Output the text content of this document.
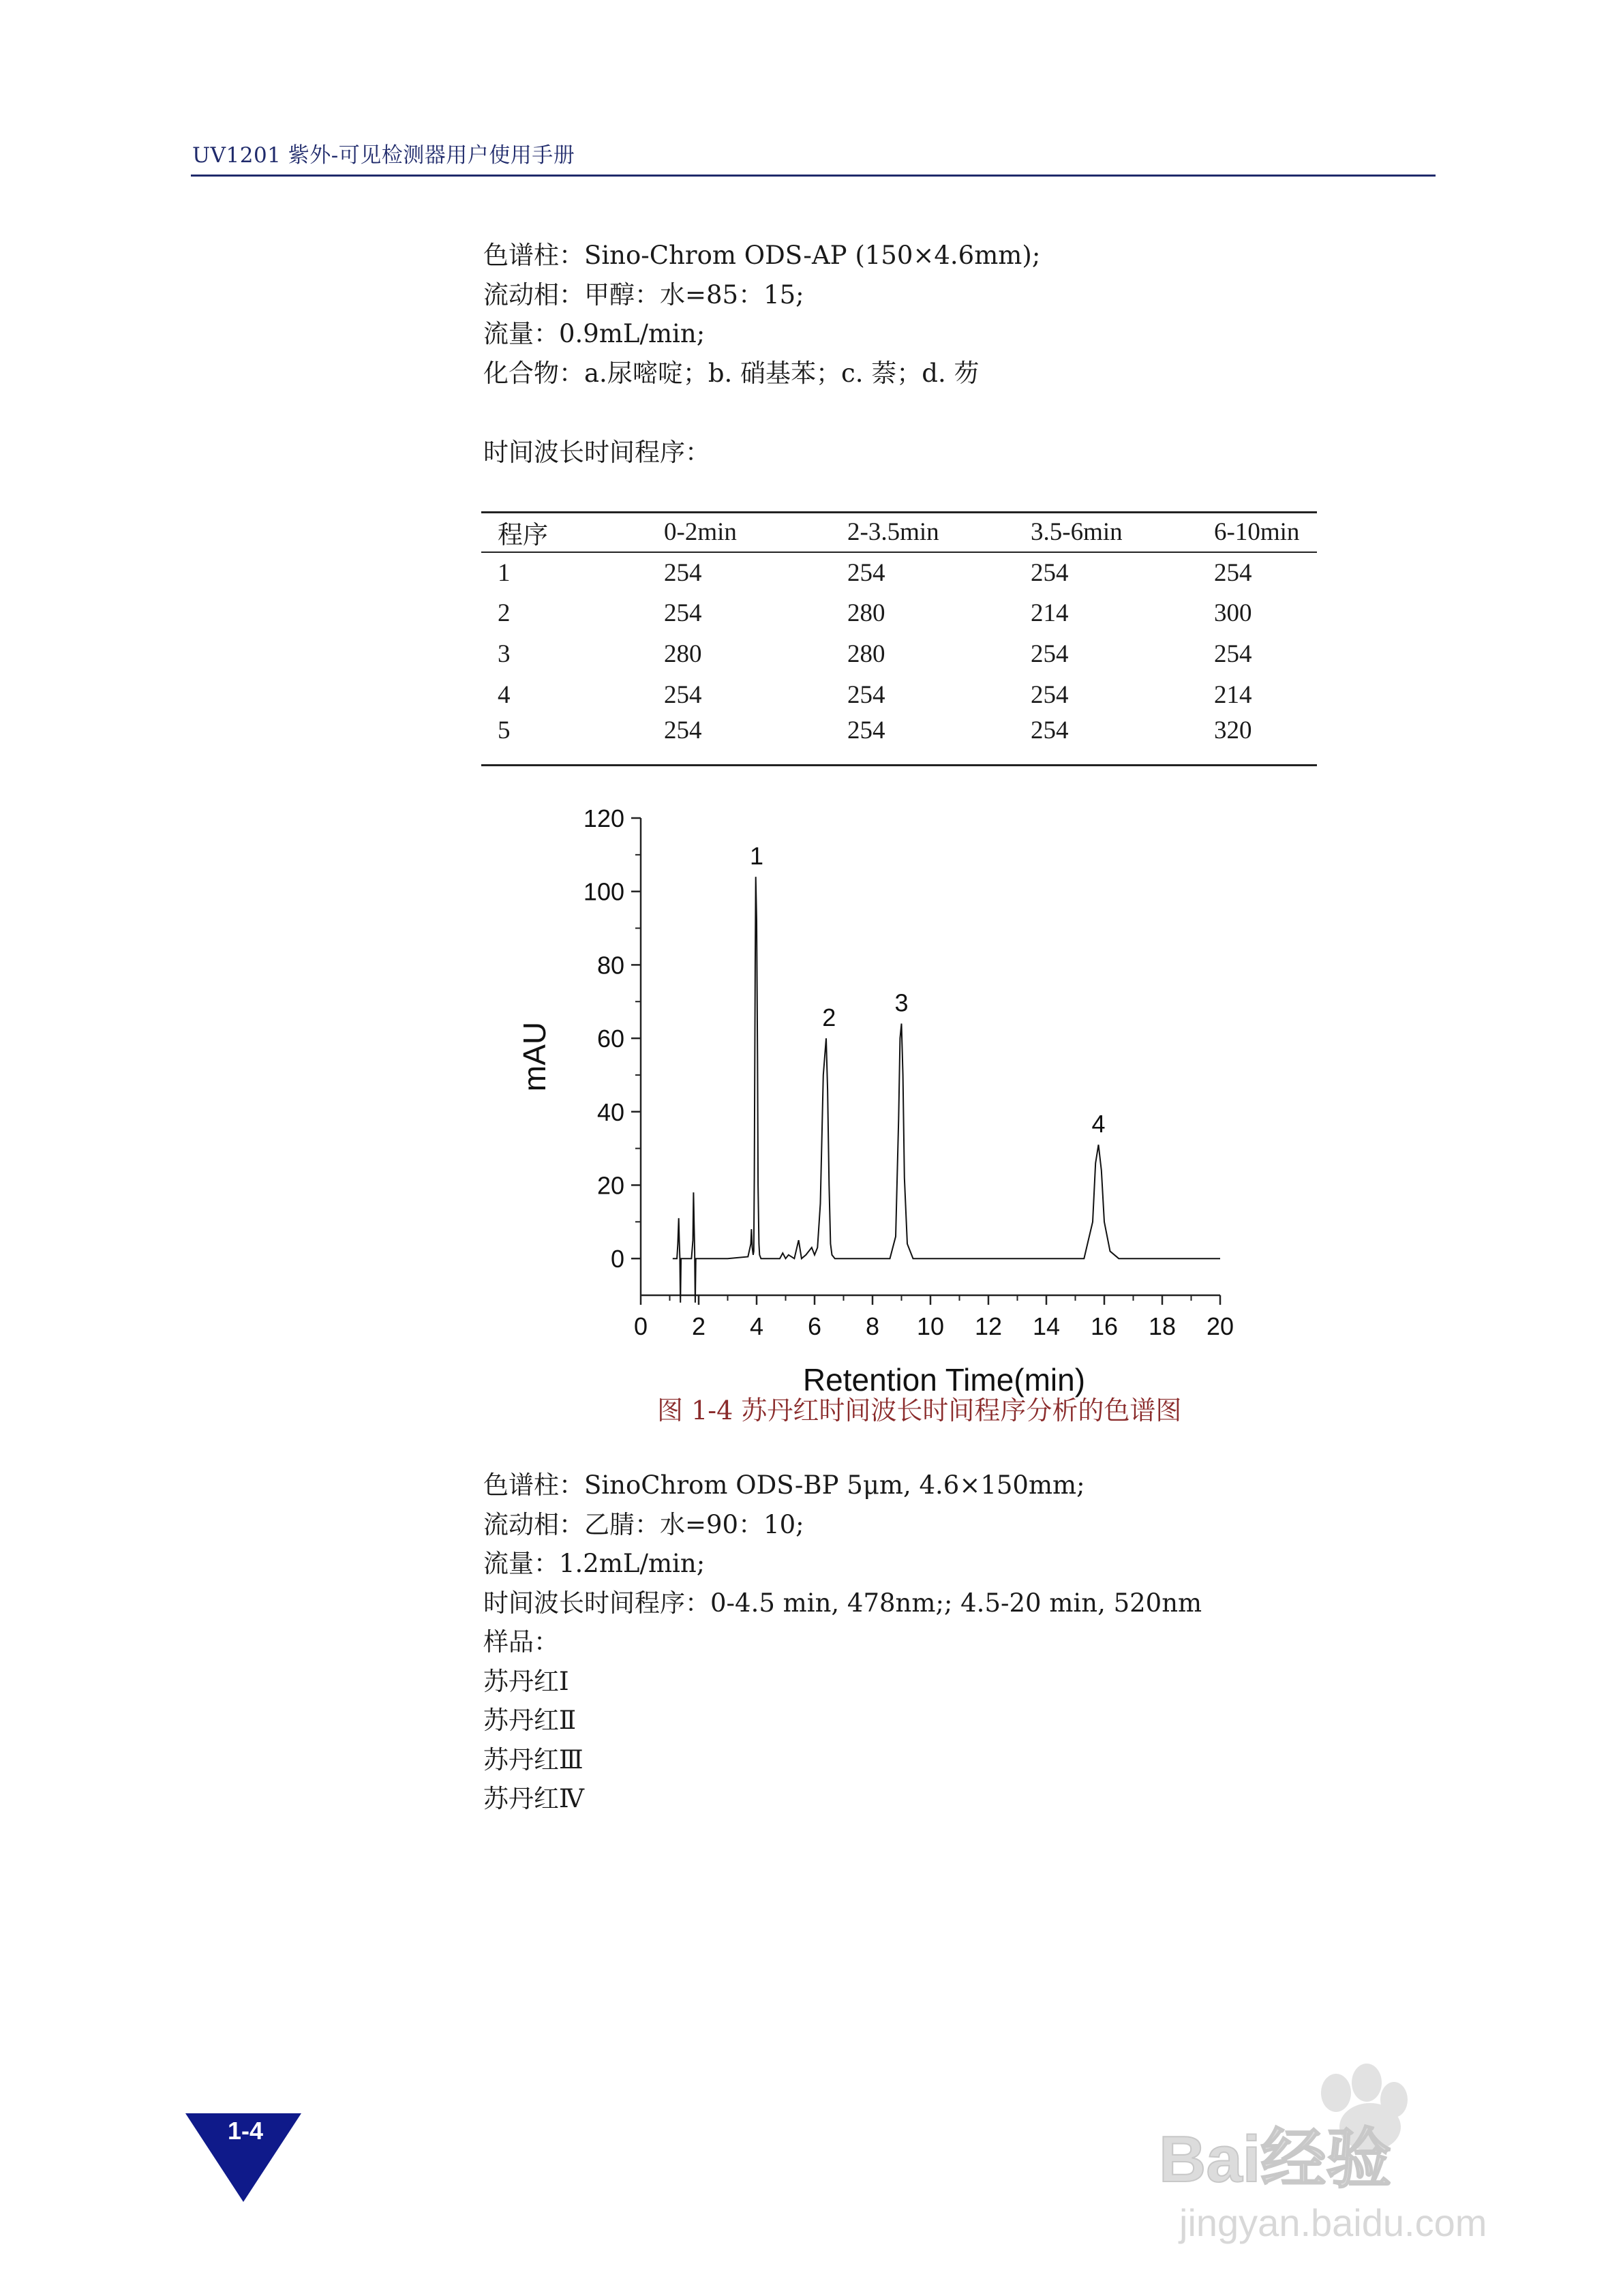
UV1201 紫外-可见检测器用户使用手册
色谱柱：Sino-Chrom ODS-AP (150×4.6mm);
流动相：甲醇：水=85：15;
流量：0.9mL/min;
化合物：a.尿嘧啶；b. 硝基苯；c. 萘；d. 芴
时间波长时间程序：
程序	0-2min	2-3.5min	3.5-6min	6-10min
1	254	254	254	254
2	254	280	214	300
3	280	280	254	254
4	254	254	254	214
5	254	254	254	320
0
20
40
60
80
100
120
0 2 4 6 8 10 12 14 16 18 20
1
2
3
4
mAU
Retention Time(min)
图 1-4 苏丹红时间波长时间程序分析的色谱图
色谱柱：SinoChrom ODS-BP 5μm, 4.6×150mm;
流动相：乙腈：水=90：10;
流量：1.2mL/min;
时间波长时间程序：0-4.5 min, 478nm;; 4.5-20 min, 520nm
样品：
苏丹红Ⅰ
苏丹红Ⅱ
苏丹红Ⅲ
苏丹红Ⅳ
1-4	Bai经验
jingyan.baidu.com
